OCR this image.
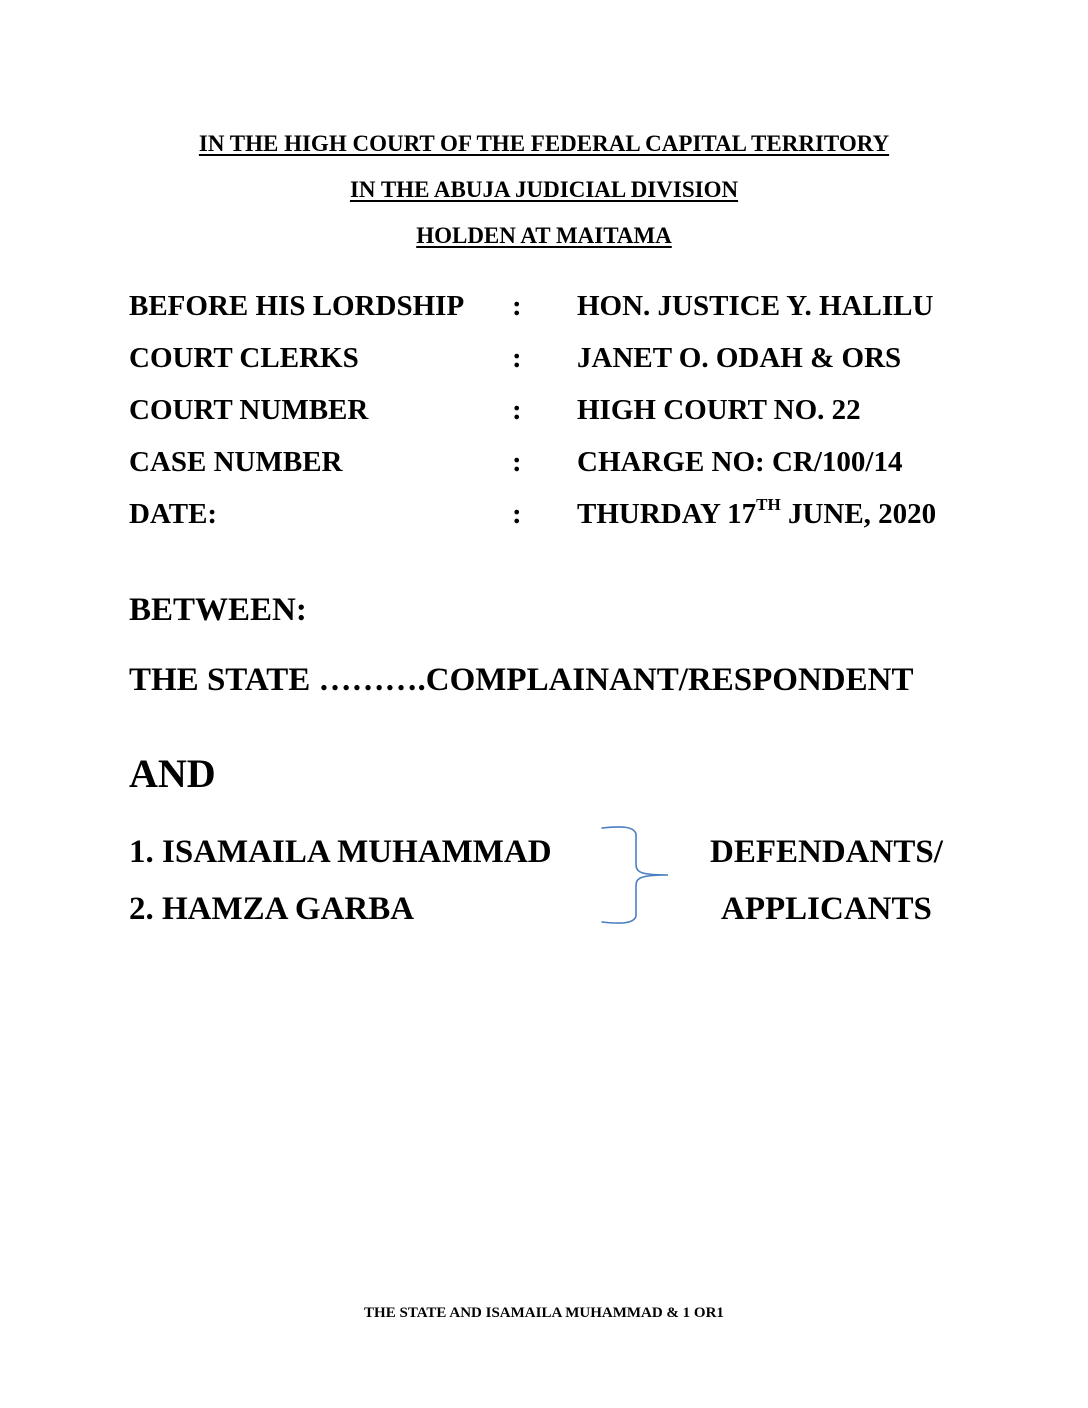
IN THE HIGH COURT OF THE FEDERAL CAPITAL TERRITORY
IN THE ABUJA JUDICIAL DIVISION
HOLDEN AT MAITAMA
BEFORE HIS LORDSHIP : HON. JUSTICE Y. HALILU
COURT CLERKS	: JANET O. ODAH & ORS
COURT NUMBER	: HIGH COURT NO. 22
CASE NUMBER	: CHARGE NO: CR/100/14
DATE:	: THURDAY 17TH JUNE, 2020
BETWEEN:
THE STATE ……….COMPLAINANT/RESPONDENT
AND
1. ISAMAILA MUHAMMAD
2. HAMZA GARBA
DEFENDANTS/
APPLICANTS
THE STATE AND ISAMAILA MUHAMMAD & 1 OR1
